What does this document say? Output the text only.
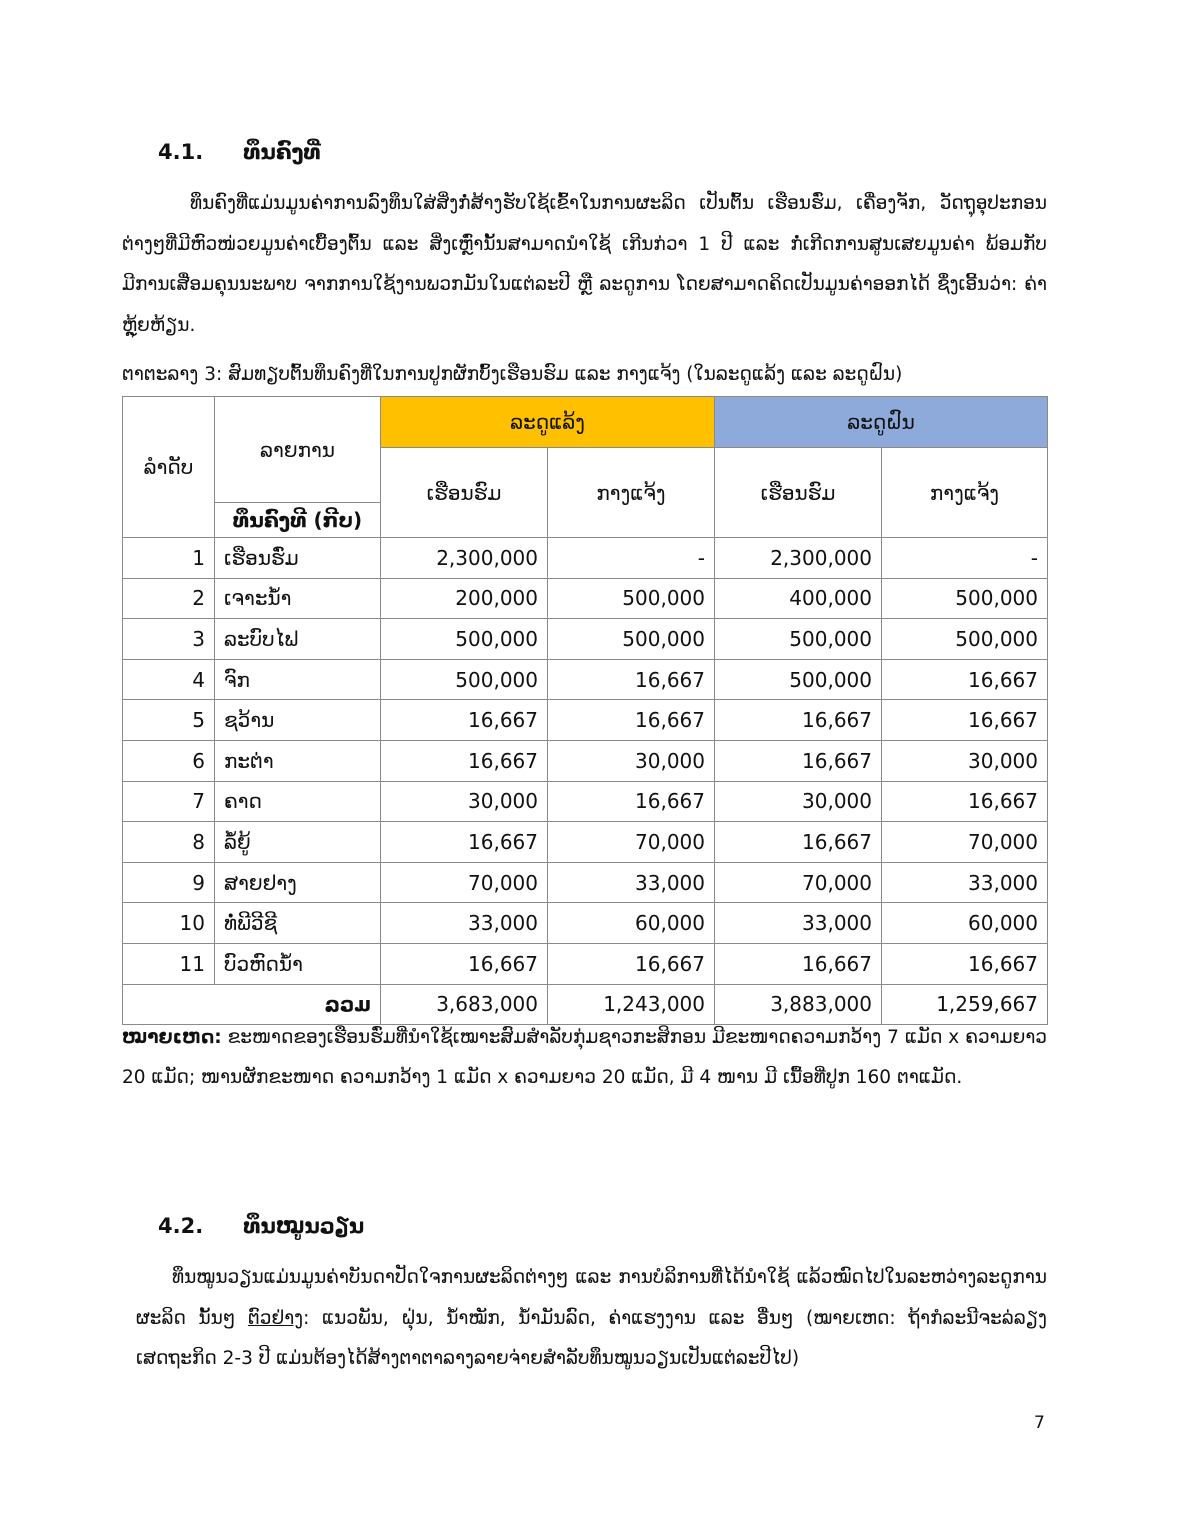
4.1. ທຶນຄົງທີ່
ທຶນຄົງທີ່ແມ່ນມູນຄ່າການລົງທຶນໃສ່ສິ່ງກໍ່ສ້າງຮັບໃຊ້ເຂົ້າໃນການຜະລິດ ເປັນຕົ້ນ ເຮືອນຮົ່ມ, ເຄື່ອງຈັກ, ວັດຖຸອຸປະກອນຕ່າງໆທີ່ມີຫົວໜ່ວຍມູນຄ່າເບື້ອງຕົ້ນ ແລະ ສິ່ງເຫຼົ່ານັ້ນສາມາດນໍາໃຊ້ ເກີນກ່ວາ 1 ປີ ແລະ ກໍ່ເກີດການສູນເສຍມູນຄ່າ ພ້ອມກັບມີການເສື່ອມຄຸນນະພາບ ຈາກການໃຊ້ງານພວກມັນໃນແຕ່ລະປີ ຫຼື ລະດູການ ໂດຍສາມາດຄິດເປັນມູນຄ່າອອກໄດ້ ຊຶ່ງເອີ້ນວ່າ: ຄ່າຫຼຸ້ຍຫ້ຽນ.
ຕາຕະລາງ 3: ສົມທຽບຕົ້ນທຶນຄົງທີ່ໃນການປູກຜັກບົ້ງເຮືອນຮົມ ແລະ ກາງແຈ້ງ (ໃນລະດູແລ້ງ ແລະ ລະດູຝົນ)
ລຳດັບ	ລາຍການ	ລະດູແລ້ງ		ລະດູຝົນ	
		ເຮືອນຮົມ	ກາງແຈ້ງ	ເຮືອນຮົມ	ກາງແຈ້ງ
	ທຶນຄົງທີ (ກີບ)				
1	ເຮືອນຮົ່ມ	2,300,000	-	2,300,000	-
2	ເຈາະນໍ້າ	200,000	500,000	400,000	500,000
3	ລະບົບໄຟ	500,000	500,000	500,000	500,000
4	ຈົກ	500,000	16,667	500,000	16,667
5	ຊວ້ານ	16,667	16,667	16,667	16,667
6	ກະຕ່າ	16,667	30,000	16,667	30,000
7	ຄາດ	30,000	16,667	30,000	16,667
8	ລໍ້ຍູ້	16,667	70,000	16,667	70,000
9	ສາຍຢາງ	70,000	33,000	70,000	33,000
10	ທໍ່ພີວີຊີ	33,000	60,000	33,000	60,000
11	ບົວຫົດນໍ້າ	16,667	16,667	16,667	16,667
ລວມ		3,683,000	1,243,000	3,883,000	1,259,667
ໝາຍເຫດ: ຂະໜາດຂອງເຮືອນຮົ່ມທີ່ນໍາໃຊ້ເໝາະສົມສໍາລັບກຸ່ມຊາວກະສິກອນ ມີຂະໜາດຄວາມກວ້າງ 7 ແມັດ x ຄວາມຍາວ 20 ແມັດ; ໜານຜັກຂະໜາດ ຄວາມກວ້າງ 1 ແມັດ x ຄວາມຍາວ 20 ແມັດ, ມີ 4 ໜານ ມີ ເນື້ອທີ່ປູກ 160 ຕາແມັດ.
4.2. ທຶນໝູນວຽນ
ທຶນໝູນວຽນແມ່ນມູນຄ່າບັນດາປັດໃຈການຜະລິດຕ່າງໆ ແລະ ການບໍລິການທີ່ໄດ້ນໍາໃຊ້ ແລ້ວໝົດໄປໃນລະຫວ່າງລະດູການຜະລິດ ນັ້ນໆ ຕົວຢ່າງ: ແນວພັນ, ຝຸ່ນ, ນໍ້າໝັກ, ນໍ້າມັນລົດ, ຄ່າແຮງງານ ແລະ ອື່ນໆ (ໝາຍເຫດ: ຖ້າກໍລະນີຈະລ່ລຽງເສດຖະກິດ 2-3 ປີ ແມ່ນຕ້ອງໄດ້ສ້າງຕາຕາລາງລາຍຈ່າຍສໍາລັບທຶນໝູນວຽນເປັນແຕ່ລະປີໄປ)
7
